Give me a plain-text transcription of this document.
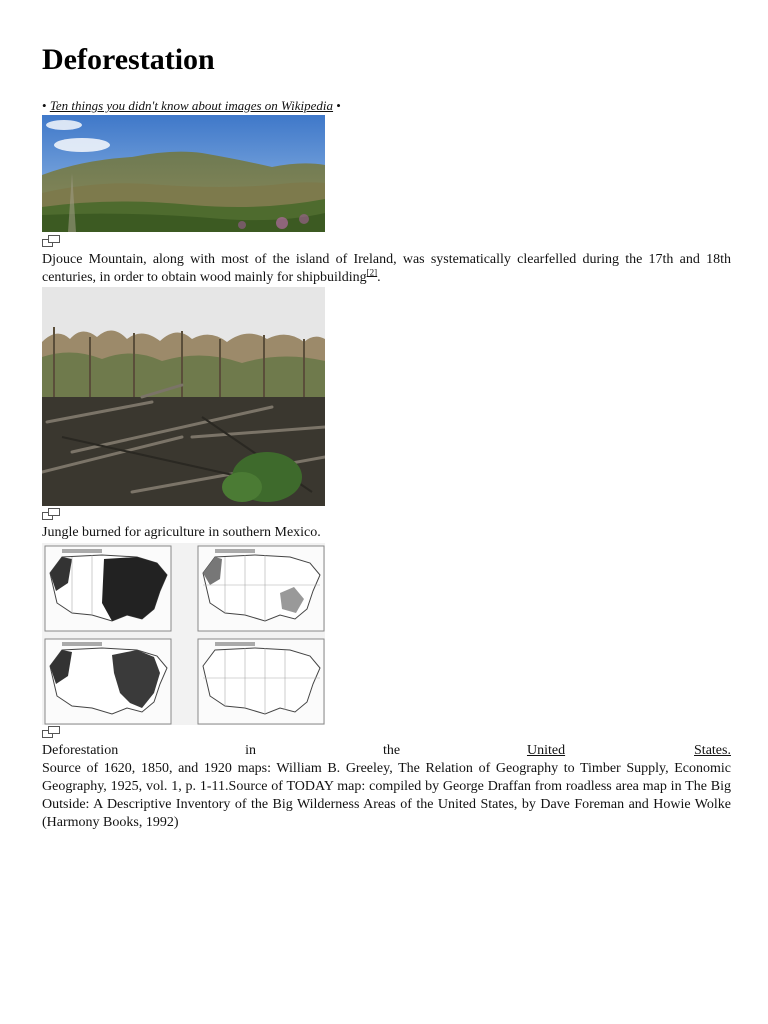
Deforestation
• Ten things you didn't know about images on Wikipedia •
Djouce Mountain, along with most of the island of Ireland, was systematically clearfelled during the 17th and 18th centuries, in order to obtain wood mainly for shipbuilding[2].
Jungle burned for agriculture in southern Mexico.
Deforestation	in	the	United	States.
Source of 1620, 1850, and 1920 maps: William B. Greeley, The Relation of Geography to Timber Supply, Economic Geography, 1925, vol. 1, p. 1-11.Source of TODAY map: compiled by George Draffan from roadless area map in The Big Outside: A Descriptive Inventory of the Big Wilderness Areas of the United States, by Dave Foreman and Howie Wolke (Harmony Books, 1992)
